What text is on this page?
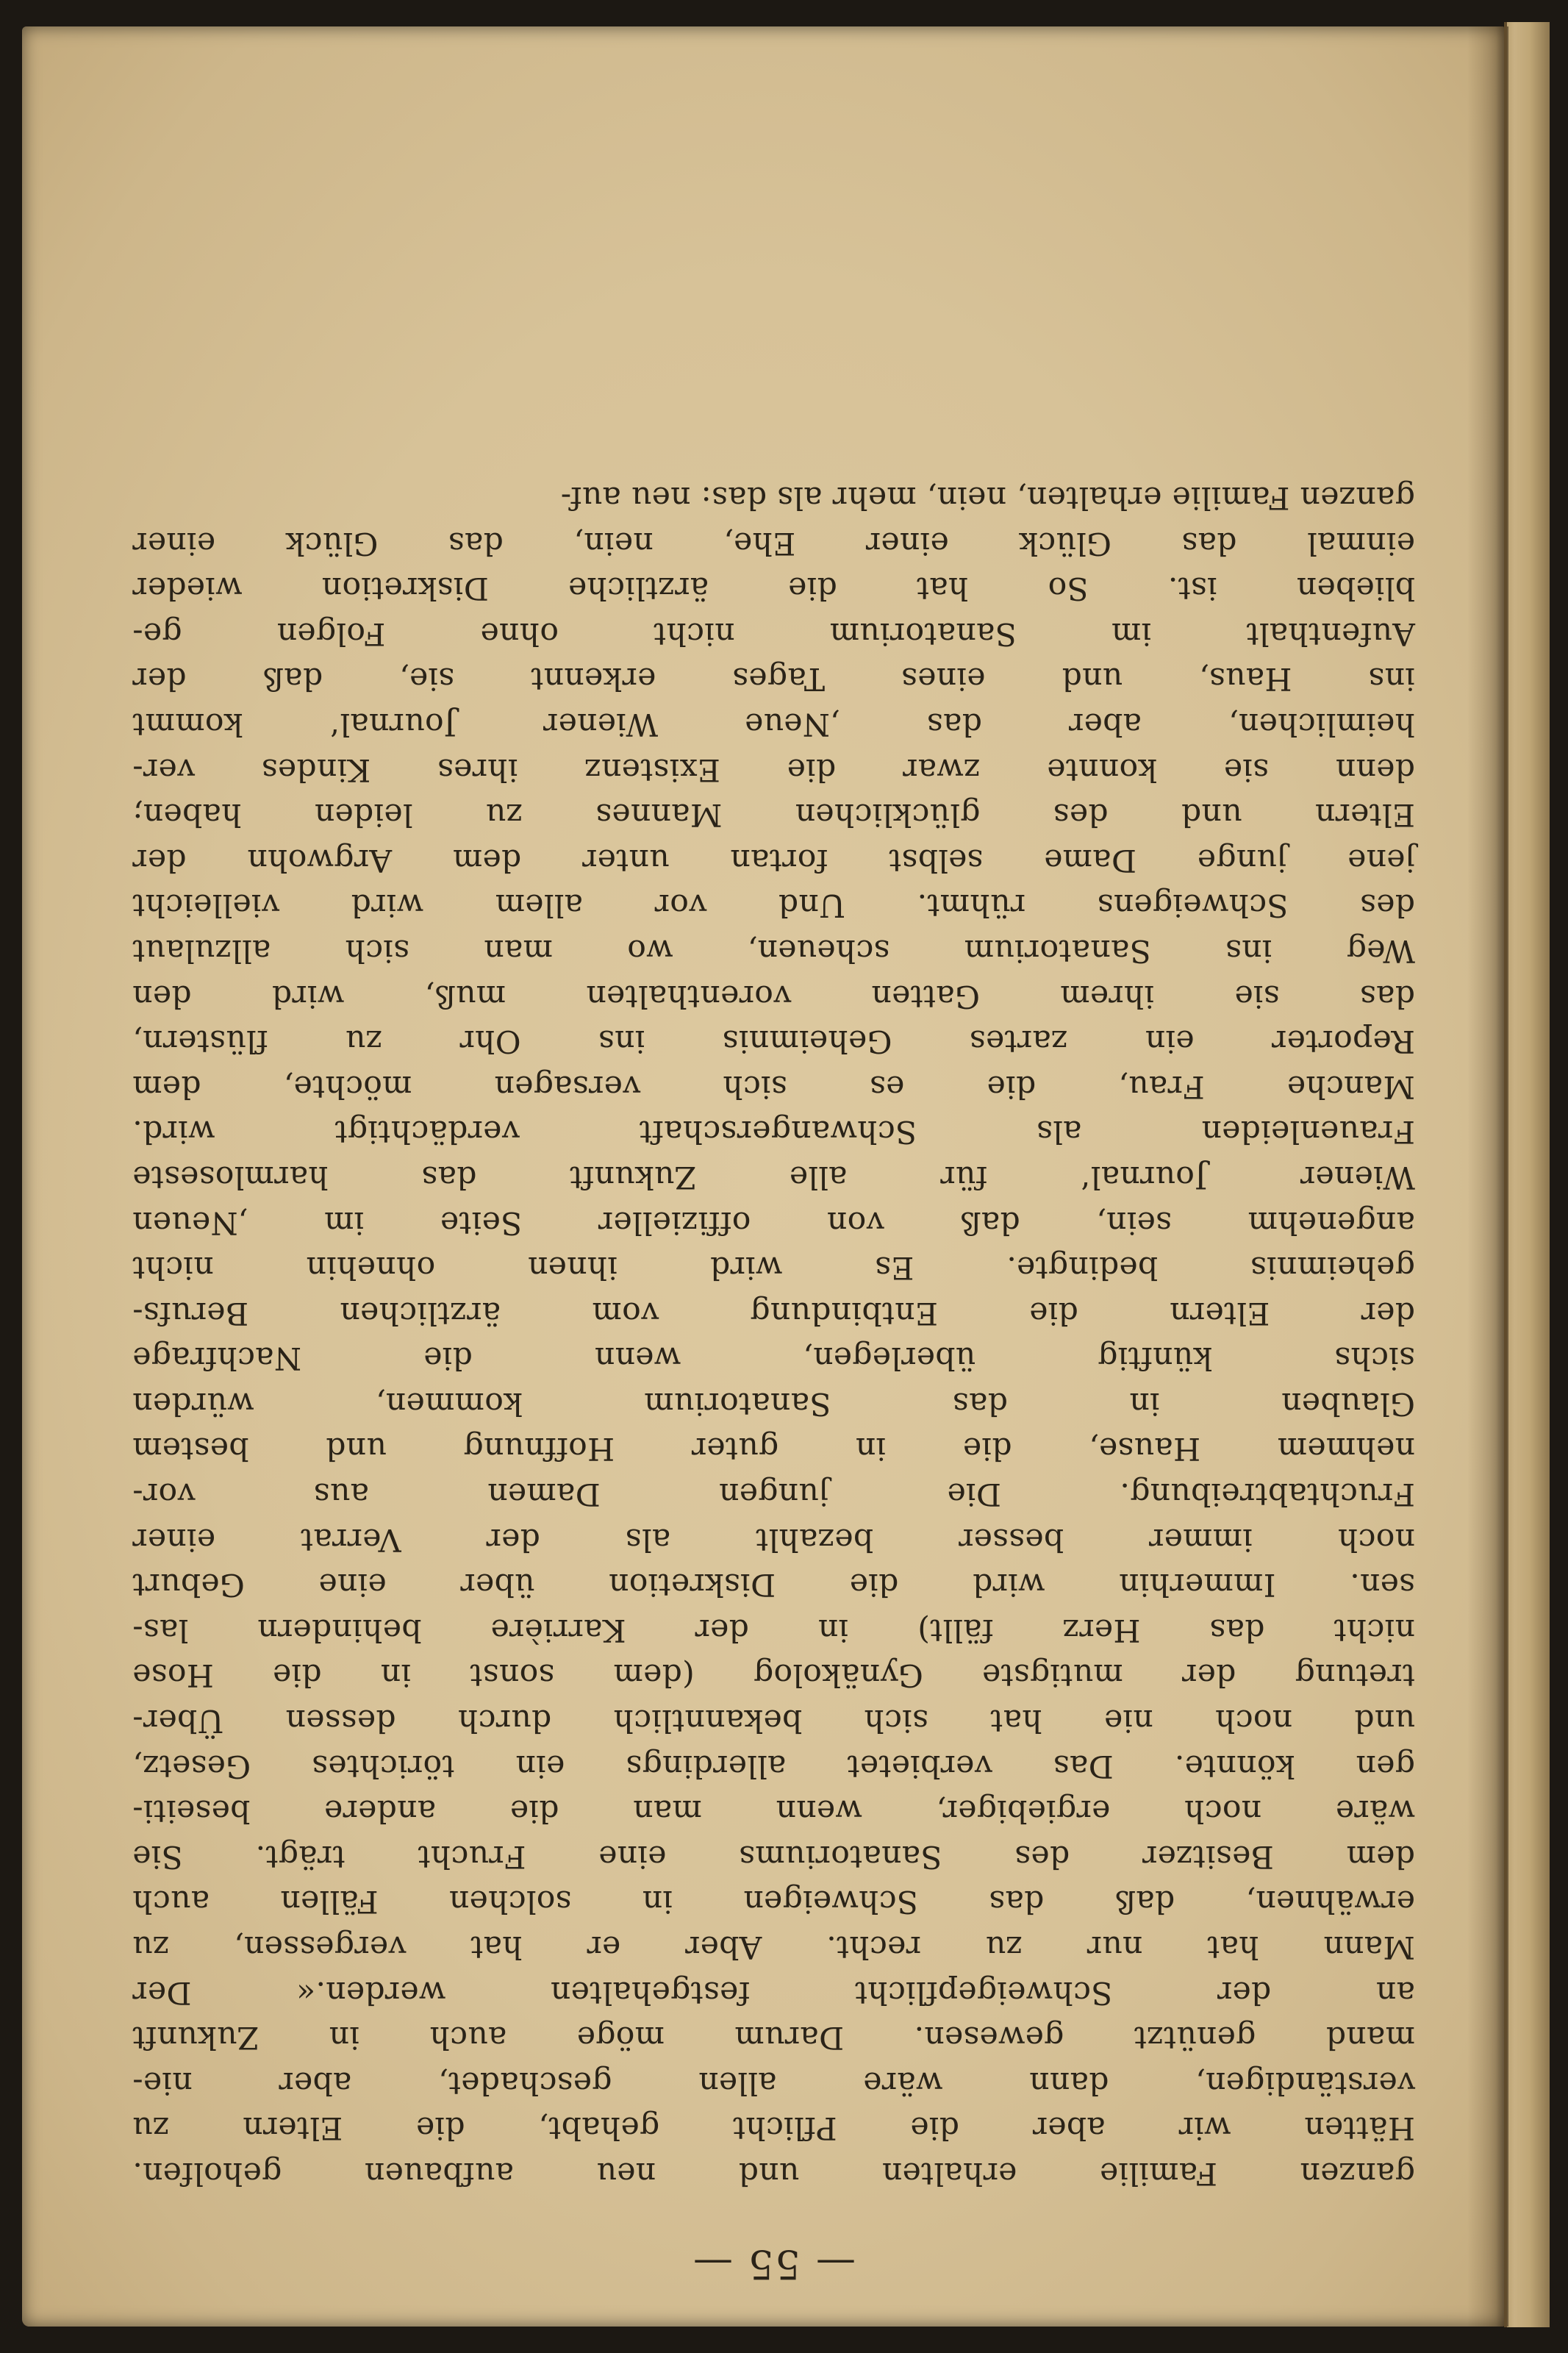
— 55 —
ganzen Familie erhalten und neu aufbauen geholfen.
Hätten wir aber die Pflicht gehabt, die Eltern zu
verständigen, dann wäre allen geschadet, aber nie-
mand genützt gewesen. Darum möge auch in Zukunft
an der Schweigepflicht festgehalten werden.« Der
Mann hat nur zu recht. Aber er hat vergessen, zu
erwähnen, daß das Schweigen in solchen Fällen auch
dem Besitzer des Sanatoriums eine Frucht trägt. Sie
wäre noch ergiebiger, wenn man die andere beseiti-
gen könnte. Das verbietet allerdings ein törichtes Gesetz,
und noch nie hat sich bekanntlich durch dessen Über-
tretung der mutigste Gynäkolog (dem sonst in die Hose
nicht das Herz fällt) in der Karrière behindern las-
sen. Immerhin wird die Diskretion über eine Geburt
noch immer besser bezahlt als der Verrat einer
Fruchtabtreibung. Die jungen Damen aus vor-
nehmem Hause, die in guter Hoffnung und bestem
Glauben in das Sanatorium kommen, würden
sichs künftig überlegen, wenn die Nachfrage
der Eltern die Entbindung vom ärztlichen Berufs-
geheimnis bedingte. Es wird ihnen ohnehin nicht
angenehm sein, daß von offizieller Seite im ‚Neuen
Wiener Journal‘ für alle Zukunft das harmloseste
Frauenleiden als Schwangerschaft verdächtigt wird.
Manche Frau, die es sich versagen möchte, dem
Reporter ein zartes Geheimnis ins Ohr zu flüstern,
das sie ihrem Gatten vorenthalten muß, wird den
Weg ins Sanatorium scheuen, wo man sich allzulaut
des Schweigens rühmt. Und vor allem wird vielleicht
jene junge Dame selbst fortan unter dem Argwohn der
Eltern und des glücklichen Mannes zu leiden haben;
denn sie konnte zwar die Existenz ihres Kindes ver-
heimlichen, aber das ‚Neue Wiener Journal‘ kommt
ins Haus, und eines Tages erkennt sie, daß der
Aufenthalt im Sanatorium nicht ohne Folgen ge-
blieben ist. So hat die ärztliche Diskretion wieder
einmal das Glück einer Ehe, nein, das Glück einer
ganzen Familie erhalten, nein, mehr als das: neu auf-
